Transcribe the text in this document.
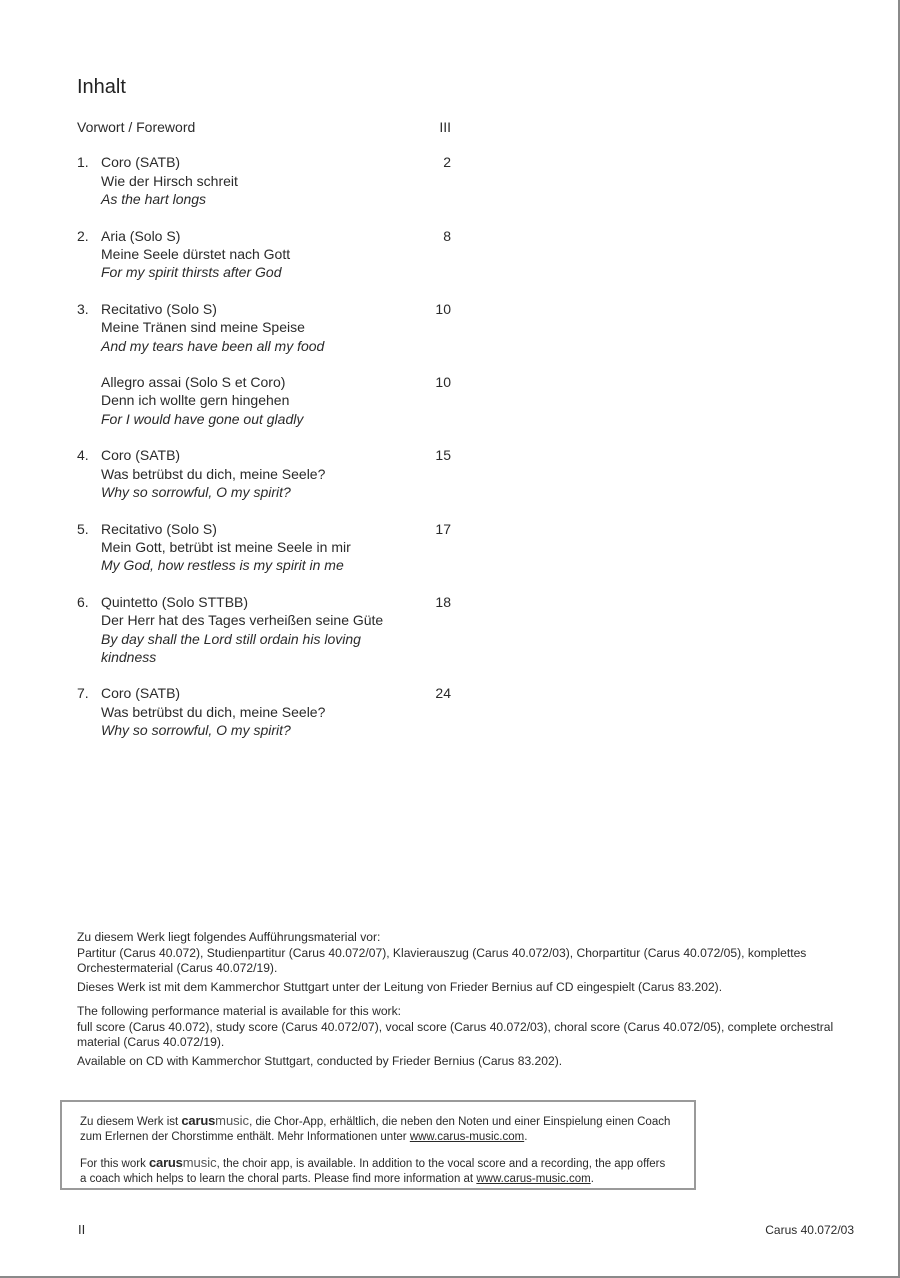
Inhalt
Vorwort / Foreword	III
1. Coro (SATB)
Wie der Hirsch schreit
As the hart longs
2
2. Aria (Solo S)
Meine Seele dürstet nach Gott
For my spirit thirsts after God
8
3. Recitativo (Solo S)
Meine Tränen sind meine Speise
And my tears have been all my food
10
Allegro assai (Solo S et Coro)
Denn ich wollte gern hingehen
For I would have gone out gladly
10
4. Coro (SATB)
Was betrübst du dich, meine Seele?
Why so sorrowful, O my spirit?
15
5. Recitativo (Solo S)
Mein Gott, betrübt ist meine Seele in mir
My God, how restless is my spirit in me
17
6. Quintetto (Solo STTBB)
Der Herr hat des Tages verheißen seine Güte
By day shall the Lord still ordain his loving kindness
18
7. Coro (SATB)
Was betrübst du dich, meine Seele?
Why so sorrowful, O my spirit?
24

Zu diesem Werk liegt folgendes Aufführungsmaterial vor:

Partitur (Carus 40.072), Studienpartitur (Carus 40.072/07), Klavierauszug (Carus 40.072/03), Chorpartitur (Carus 40.072/05), komplettes Orchestermaterial (Carus 40.072/19).

Dieses Werk ist mit dem Kammerchor Stuttgart unter der Leitung von Frieder Bernius auf CD eingespielt (Carus 83.202).

The following performance material is available for this work:

full score (Carus 40.072), study score (Carus 40.072/07), vocal score (Carus 40.072/03), choral score (Carus 40.072/05), complete orchestral material (Carus 40.072/19).

Available on CD with Kammerchor Stuttgart, conducted by Frieder Bernius (Carus 83.202).

Zu diesem Werk ist carusmusic, die Chor-App, erhältlich, die neben den Noten und einer Einspielung einen Coach zum Erlernen der Chorstimme enthält. Mehr Informationen unter www.carus-music.com.

For this work carusmusic, the choir app, is available. In addition to the vocal score and a recording, the app offers a coach which helps to learn the choral parts. Please find more information at www.carus-music.com.

II	Carus 40.072/03
